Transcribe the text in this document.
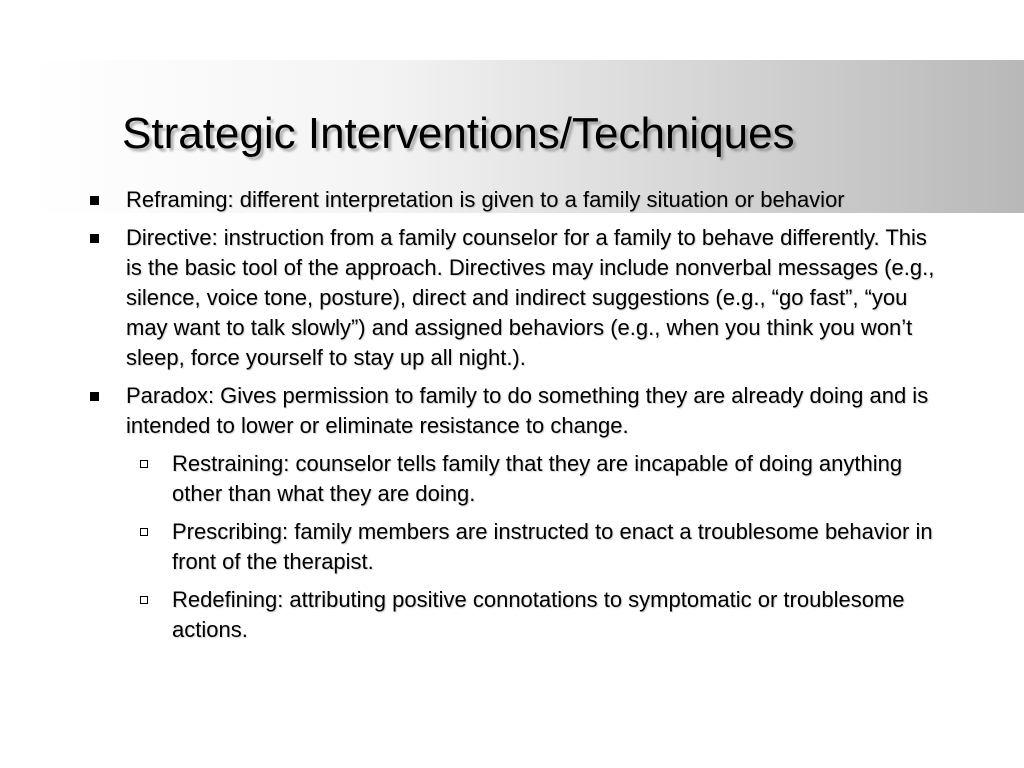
Strategic Interventions/Techniques
Reframing: different interpretation is given to a family situation or behavior
Directive: instruction from a family counselor for a family to behave differently. This is the basic tool of the approach. Directives may include nonverbal messages (e.g., silence, voice tone, posture), direct and indirect suggestions (e.g., “go fast”, “you may want to talk slowly”) and assigned behaviors (e.g., when you think you won’t sleep, force yourself to stay up all night.).
Paradox: Gives permission to family to do something they are already doing and is intended to lower or eliminate resistance to change.
Restraining: counselor tells family that they are incapable of doing anything other than what they are doing.
Prescribing: family members are instructed to enact a troublesome behavior in front of the therapist.
Redefining: attributing positive connotations to symptomatic or troublesome actions.
